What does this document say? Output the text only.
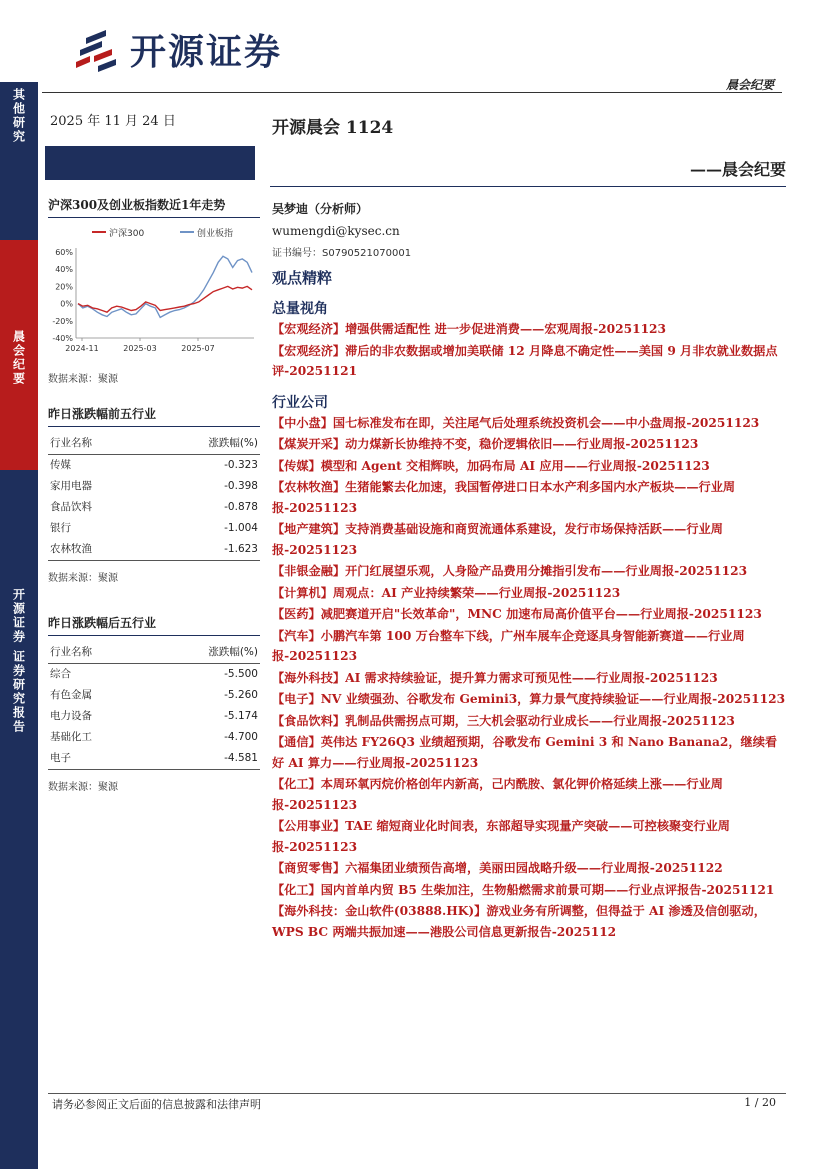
开源证券
晨会纪要
其他研究
晨会纪要
开源证券 证券研究报告
2025 年 11 月 24 日	开源晨会 1124
——晨会纪要
沪深300及创业板指数近1年走势
沪深300	创业板指
60%
40%
20%
0%
-20%
-40%
2024-11	2025-03	2025-07
数据来源：聚源
昨日涨跌幅前五行业
行业名称	涨跌幅(%)
传媒	-0.323
家用电器	-0.398
食品饮料	-0.878
银行	-1.004
农林牧渔	-1.623
数据来源：聚源
昨日涨跌幅后五行业
行业名称	涨跌幅(%)
综合	-5.500
有色金属	-5.260
电力设备	-5.174
基础化工	-4.700
电子	-4.581
数据来源：聚源
吴梦迪（分析师）
wumengdi@kysec.cn
证书编号：S0790521070001
观点精粹
总量视角
【宏观经济】增强供需适配性 进一步促进消费——宏观周报-20251123
【宏观经济】滞后的非农数据或增加美联储 12 月降息不确定性——美国 9 月非农就业数据点评-20251121
行业公司
【中小盘】国七标准发布在即，关注尾气后处理系统投资机会——中小盘周报-20251123
【煤炭开采】动力煤新长协维持不变，稳价逻辑依旧——行业周报-20251123
【传媒】模型和 Agent 交相辉映，加码布局 AI 应用——行业周报-20251123
【农林牧渔】生猪能繁去化加速，我国暂停进口日本水产利多国内水产板块——行业周报-20251123
【地产建筑】支持消费基础设施和商贸流通体系建设，发行市场保持活跃——行业周报-20251123
【非银金融】开门红展望乐观，人身险产品费用分摊指引发布——行业周报-20251123
【计算机】周观点：AI 产业持续繁荣——行业周报-20251123
【医药】减肥赛道开启"长效革命"，MNC 加速布局高价值平台——行业周报-20251123
【汽车】小鹏汽车第 100 万台整车下线，广州车展车企竞逐具身智能新赛道——行业周报-20251123
【海外科技】AI 需求持续验证，提升算力需求可预见性——行业周报-20251123
【电子】NV 业绩强劲、谷歌发布 Gemini3，算力景气度持续验证——行业周报-20251123
【食品饮料】乳制品供需拐点可期，三大机会驱动行业成长——行业周报-20251123
【通信】英伟达 FY26Q3 业绩超预期，谷歌发布 Gemini 3 和 Nano Banana2，继续看好 AI 算力——行业周报-20251123
【化工】本周环氧丙烷价格创年内新高，己内酰胺、氯化钾价格延续上涨——行业周报-20251123
【公用事业】TAE 缩短商业化时间表，东部超导实现量产突破——可控核聚变行业周报-20251123
【商贸零售】六福集团业绩预告高增，美丽田园战略升级——行业周报-20251122
【化工】国内首单内贸 B5 生柴加注，生物船燃需求前景可期——行业点评报告-20251121
【海外科技：金山软件(03888.HK)】游戏业务有所调整，但得益于 AI 渗透及信创驱动，WPS BC 两端共振加速——港股公司信息更新报告-2025112
请务必参阅正文后面的信息披露和法律声明	1 / 20
